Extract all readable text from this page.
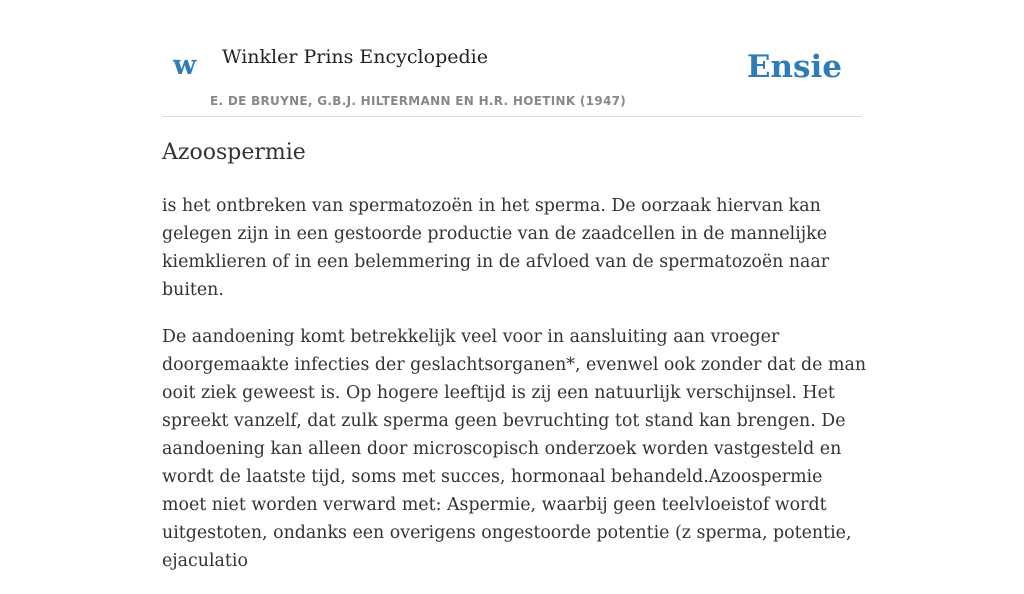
w Winkler Prins Encyclopedie
E. DE BRUYNE, G.B.J. HILTERMANN EN H.R. HOETINK (1947)
Ensie
Azoospermie

is het ontbreken van spermatozoën in het sperma. De oorzaak hiervan kan gelegen zijn in een gestoorde productie van de zaadcellen in de mannelijke kiemklieren of in een belemmering in de afvloed van de spermatozoën naar buiten.

De aandoening komt betrekkelijk veel voor in aansluiting aan vroeger doorgemaakte infecties der geslachtsorganen*, evenwel ook zonder dat de man ooit ziek geweest is. Op hogere leeftijd is zij een natuurlijk verschijnsel. Het spreekt vanzelf, dat zulk sperma geen bevruchting tot stand kan brengen. De aandoening kan alleen door microscopisch onderzoek worden vastgesteld en wordt de laatste tijd, soms met succes, hormonaal behandeld.Azoospermie moet niet worden verward met: Aspermie, waarbij geen teelvloeistof wordt uitgestoten, ondanks een overigens ongestoorde potentie (z sperma, potentie, ejaculatio
